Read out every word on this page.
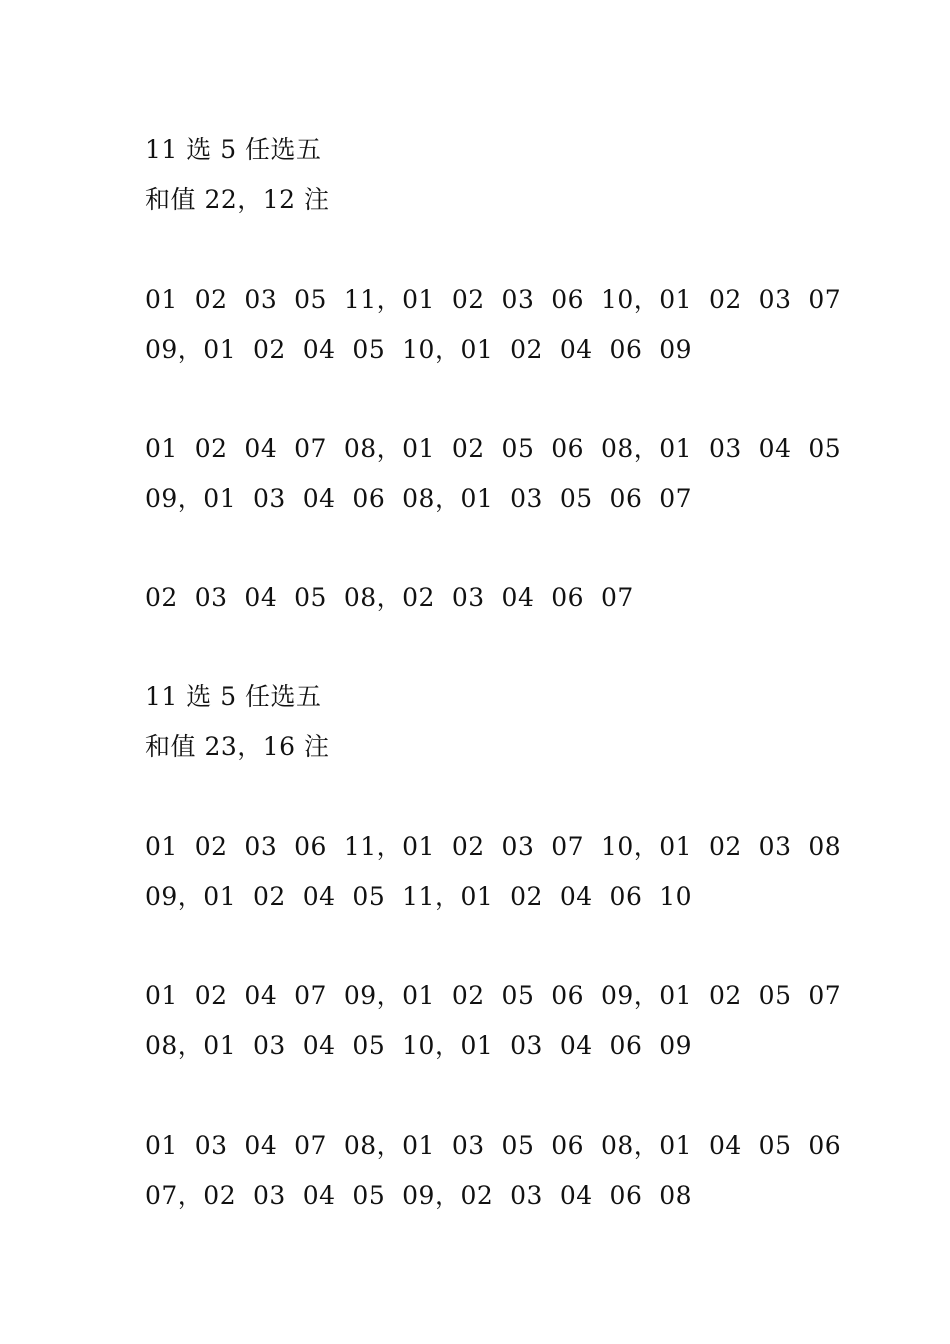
11 选 5 任选五
和值 22，12 注
01  02  03  05  11，01  02  03  06  10，01  02  03  07
09，01  02  04  05  10，01  02  04  06  09
01  02  04  07  08，01  02  05  06  08，01  03  04  05
09，01  03  04  06  08，01  03  05  06  07
02  03  04  05  08，02  03  04  06  07
11 选 5 任选五
和值 23，16 注
01  02  03  06  11，01  02  03  07  10，01  02  03  08
09，01  02  04  05  11，01  02  04  06  10
01  02  04  07  09，01  02  05  06  09，01  02  05  07
08，01  03  04  05  10，01  03  04  06  09
01  03  04  07  08，01  03  05  06  08，01  04  05  06
07，02  03  04  05  09，02  03  04  06  08
